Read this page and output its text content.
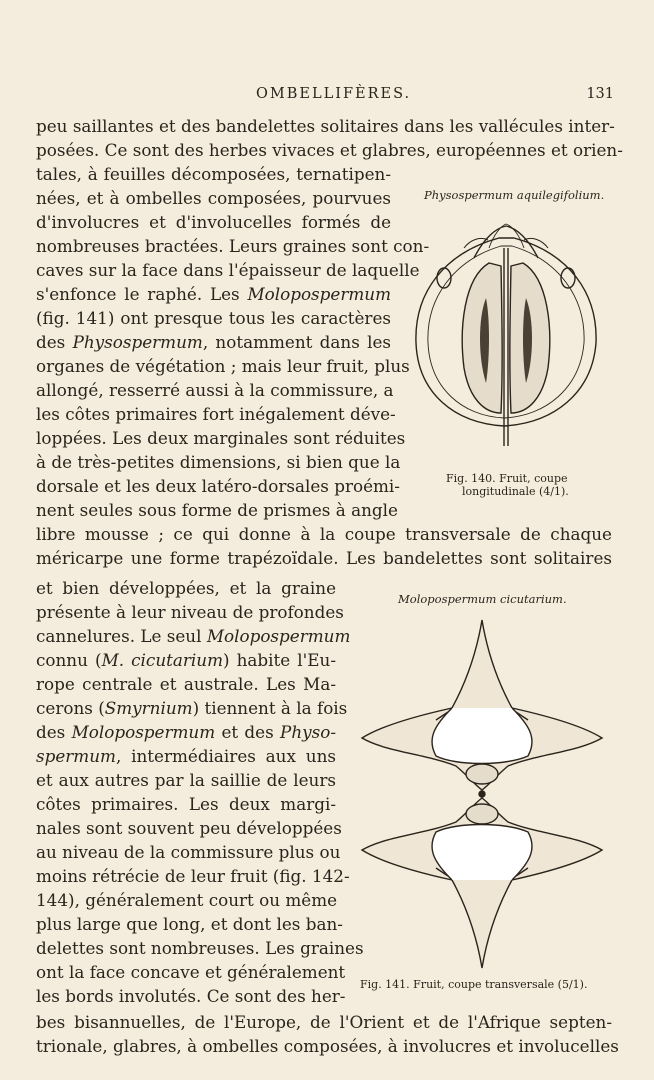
OMBELLIFÈRES.	131
peu saillantes et des bandelettes solitaires dans les vallécules inter-
posées. Ce sont des herbes vivaces et glabres, européennes et orien-
tales, à feuilles décomposées, ternatipen-
nées, et à ombelles composées, pourvues
d'involucres et d'involucelles formés de
nombreuses bractées. Leurs graines sont con-
caves sur la face dans l'épaisseur de laquelle
s'enfonce le raphé. Les Molopospermum
(fig. 141) ont presque tous les caractères
des Physospermum, notamment dans les
organes de végétation ; mais leur fruit, plus
allongé, resserré aussi à la commissure, a
les côtes primaires fort inégalement déve-
loppées. Les deux marginales sont réduites
à de très-petites dimensions, si bien que la
dorsale et les deux latéro-dorsales proémi-
nent seules sous forme de prismes à angle
libre mousse ; ce qui donne à la coupe transversale de chaque
méricarpe une forme trapézoïdale. Les bandelettes sont solitaires
et bien développées, et la graine
présente à leur niveau de profondes
cannelures. Le seul Molopospermum
connu (M. cicutarium) habite l'Eu-
rope centrale et australe. Les Ma-
cerons (Smyrnium) tiennent à la fois
des Molopospermum et des Physo-
spermum, intermédiaires aux uns
et aux autres par la saillie de leurs
côtes primaires. Les deux margi-
nales sont souvent peu développées
au niveau de la commissure plus ou
moins rétrécie de leur fruit (fig. 142-
144), généralement court ou même
plus large que long, et dont les ban-
delettes sont nombreuses. Les graines
ont la face concave et généralement
les bords involutés. Ce sont des her-
bes bisannuelles, de l'Europe, de l'Orient et de l'Afrique septen-
trionale, glabres, à ombelles composées, à involucres et involucelles
Physospermum aquilegifolium.
Fig. 140. Fruit, coupe
longitudinale (4/1).
Molopospermum cicutarium.
Fig. 141. Fruit, coupe transversale (5/1).
